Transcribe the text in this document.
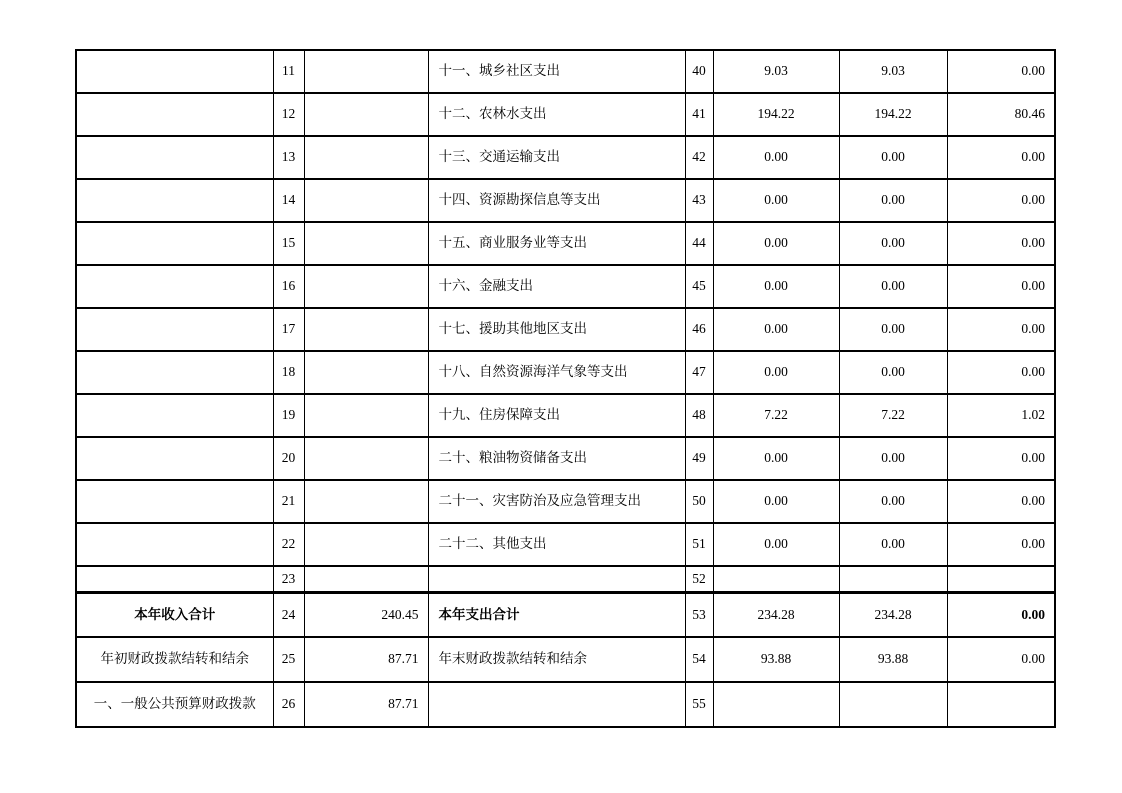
	11		十一、城乡社区支出	40	9.03	9.03	0.00
	12		十二、农林水支出	41	194.22	194.22	80.46
	13		十三、交通运输支出	42	0.00	0.00	0.00
	14		十四、资源勘探信息等支出	43	0.00	0.00	0.00
	15		十五、商业服务业等支出	44	0.00	0.00	0.00
	16		十六、金融支出	45	0.00	0.00	0.00
	17		十七、援助其他地区支出	46	0.00	0.00	0.00
	18		十八、自然资源海洋气象等支出	47	0.00	0.00	0.00
	19		十九、住房保障支出	48	7.22	7.22	1.02
	20		二十、粮油物资储备支出	49	0.00	0.00	0.00
	21		二十一、灾害防治及应急管理支出	50	0.00	0.00	0.00
	22		二十二、其他支出	51	0.00	0.00	0.00
	23			52			
本年收入合计	24	240.45	本年支出合计	53	234.28	234.28	0.00
年初财政拨款结转和结余	25	87.71	年末财政拨款结转和结余	54	93.88	93.88	0.00
一、一般公共预算财政拨款	26	87.71		55			
